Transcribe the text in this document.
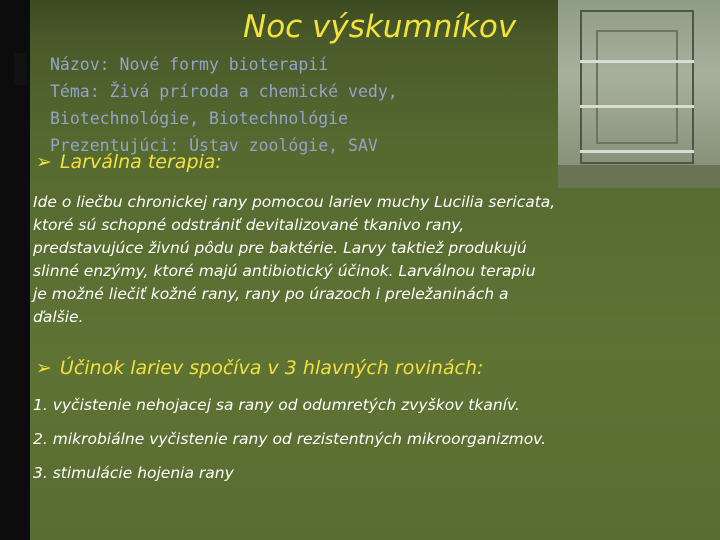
Noc výskumníkov
Názov: Nové formy bioterapií
Téma: Živá príroda a chemické vedy,
Biotechnológie, Biotechnológie
Prezentujúci: Ústav zoológie, SAV
➢ Larválna terapia:
Ide o liečbu chronickej rany pomocou lariev muchy Lucilia sericata,
ktoré sú schopné odstrániť devitalizované tkanivo rany,
predstavujúce živnú pôdu pre baktérie. Larvy taktiež produkujú
slinné enzýmy, ktoré majú antibiotický účinok. Larválnou terapiu
je možné liečiť kožné rany, rany po úrazoch i preležaninách a
ďalšie.
➢ Účinok lariev spočíva v 3 hlavných rovinách:
1. vyčistenie nehojacej sa rany od odumretých zvyškov tkanív.
2. mikrobiálne vyčistenie rany od rezistentných mikroorganizmov.
3. stimulácie hojenia rany
